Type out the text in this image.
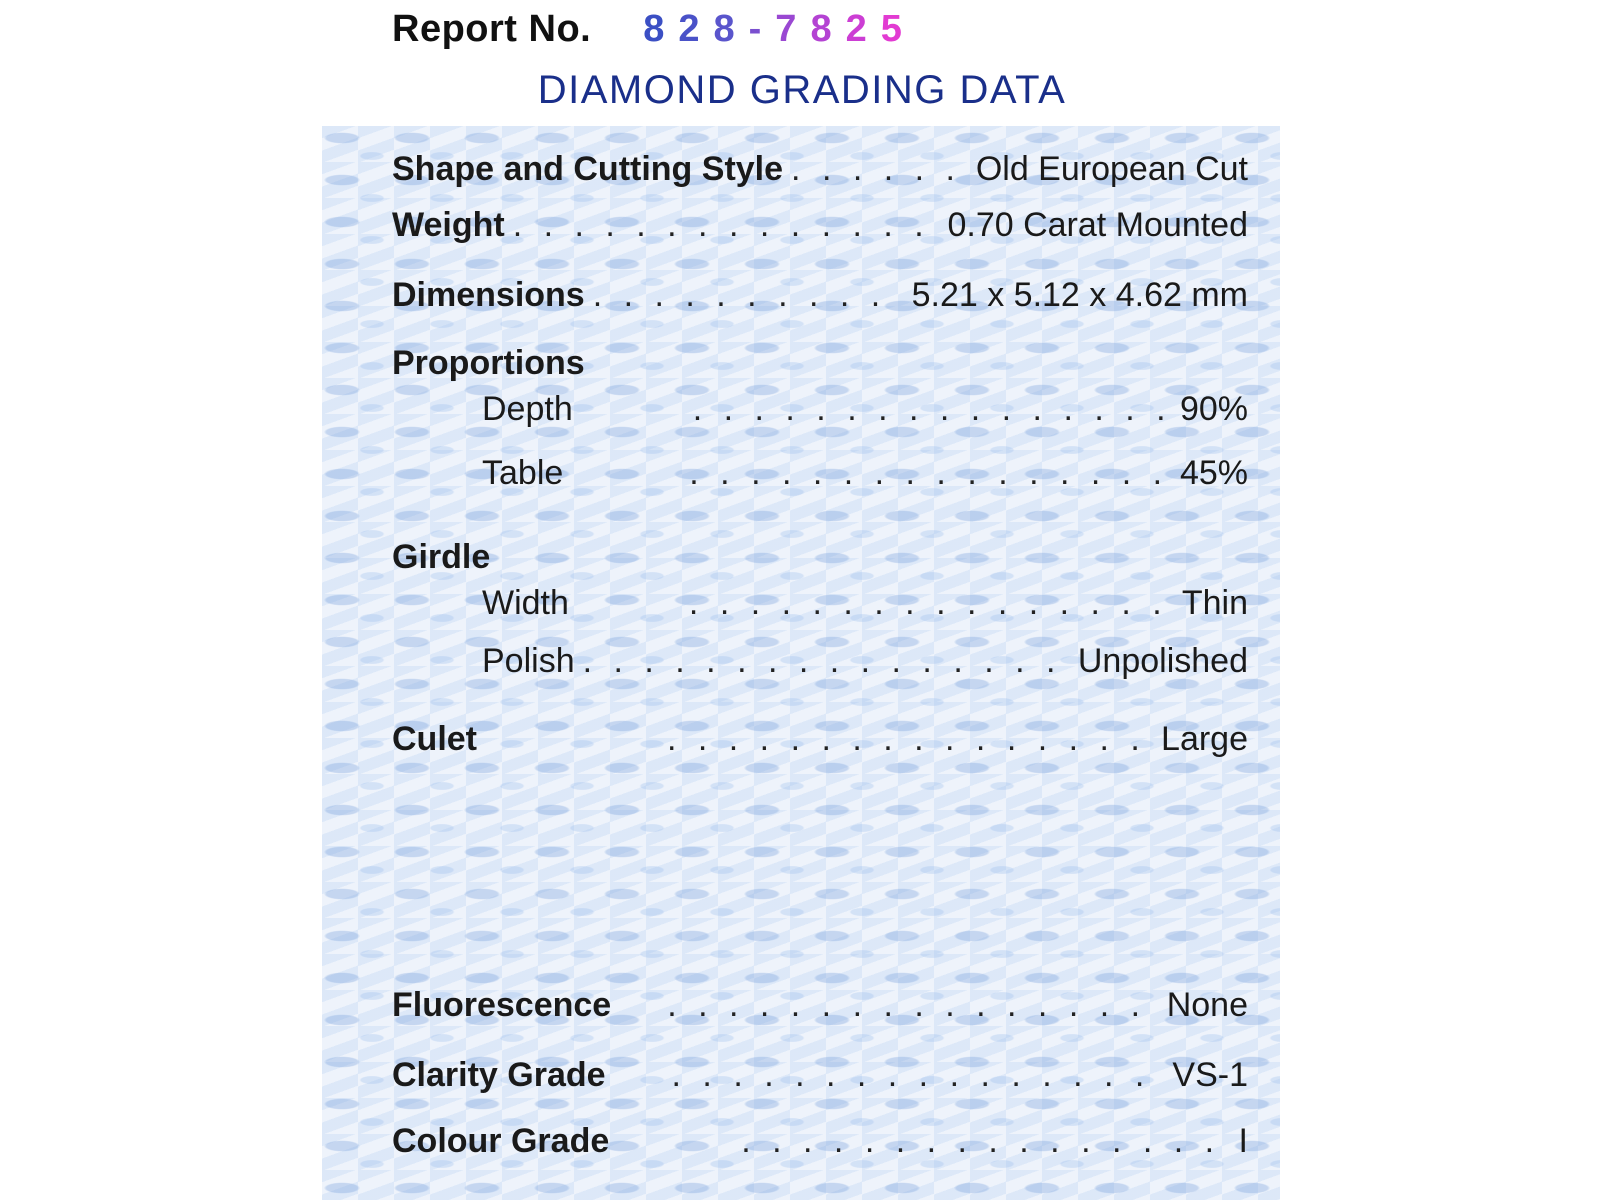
Report No. 828-7825
DIAMOND GRADING DATA
Shape and Cutting Style . . .	Old European Cut
Weight . . .	0.70 Carat Mounted
Dimensions . . .	5.21 x 5.12 x 4.62 mm
Proportions
Depth . . .	90%
Table . . .	45%
Girdle
Width . . .	Thin
Polish . . .	Unpolished
Culet . . .	Large
Fluorescence . . .	None
Clarity Grade . . .	VS-1
Colour Grade . . .	I
